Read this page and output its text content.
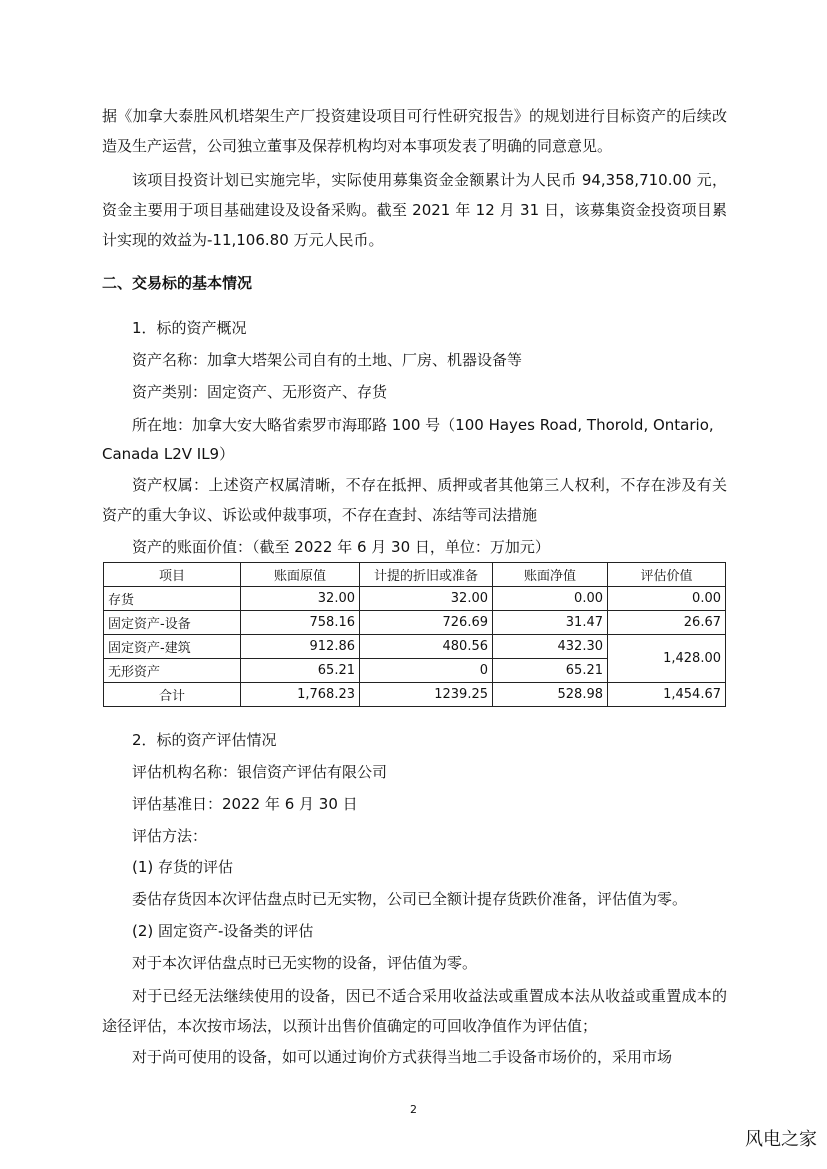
据《加拿大泰胜风机塔架生产厂投资建设项目可行性研究报告》的规划进行目标资产的后续改造及生产运营，公司独立董事及保荐机构均对本事项发表了明确的同意意见。

该项目投资计划已实施完毕，实际使用募集资金金额累计为人民币 94,358,710.00 元，资金主要用于项目基础建设及设备采购。截至 2021 年 12 月 31 日，该募集资金投资项目累计实现的效益为-11,106.80 万元人民币。

二、交易标的基本情况
1．标的资产概况
资产名称：加拿大塔架公司自有的土地、厂房、机器设备等
资产类别：固定资产、无形资产、存货
所在地：加拿大安大略省索罗市海耶路 100 号（100 Hayes Road, Thorold, Ontario,
Canada L2V IL9）

资产权属：上述资产权属清晰，不存在抵押、质押或者其他第三人权利，不存在涉及有关资产的重大争议、诉讼或仲裁事项，不存在查封、冻结等司法措施

资产的账面价值：（截至 2022 年 6 月 30 日，单位：万加元）
项目	账面原值	计提的折旧或准备	账面净值	评估价值
存货	32.00	32.00	0.00	0.00
固定资产-设备	758.16	726.69	31.47	26.67
固定资产-建筑	912.86	480.56	432.30	1,428.00
无形资产	65.21	0	65.21	
合计	1,768.23	1239.25	528.98	1,454.67
2．标的资产评估情况
评估机构名称：银信资产评估有限公司
评估基准日：2022 年 6 月 30 日
评估方法：
(1) 存货的评估
委估存货因本次评估盘点时已无实物，公司已全额计提存货跌价准备，评估值为零。
(2) 固定资产-设备类的评估
对于本次评估盘点时已无实物的设备，评估值为零。

对于已经无法继续使用的设备，因已不适合采用收益法或重置成本法从收益或重置成本的途径评估，本次按市场法，以预计出售价值确定的可回收净值作为评估值；

对于尚可使用的设备，如可以通过询价方式获得当地二手设备市场价的，采用市场
2
风电之家
